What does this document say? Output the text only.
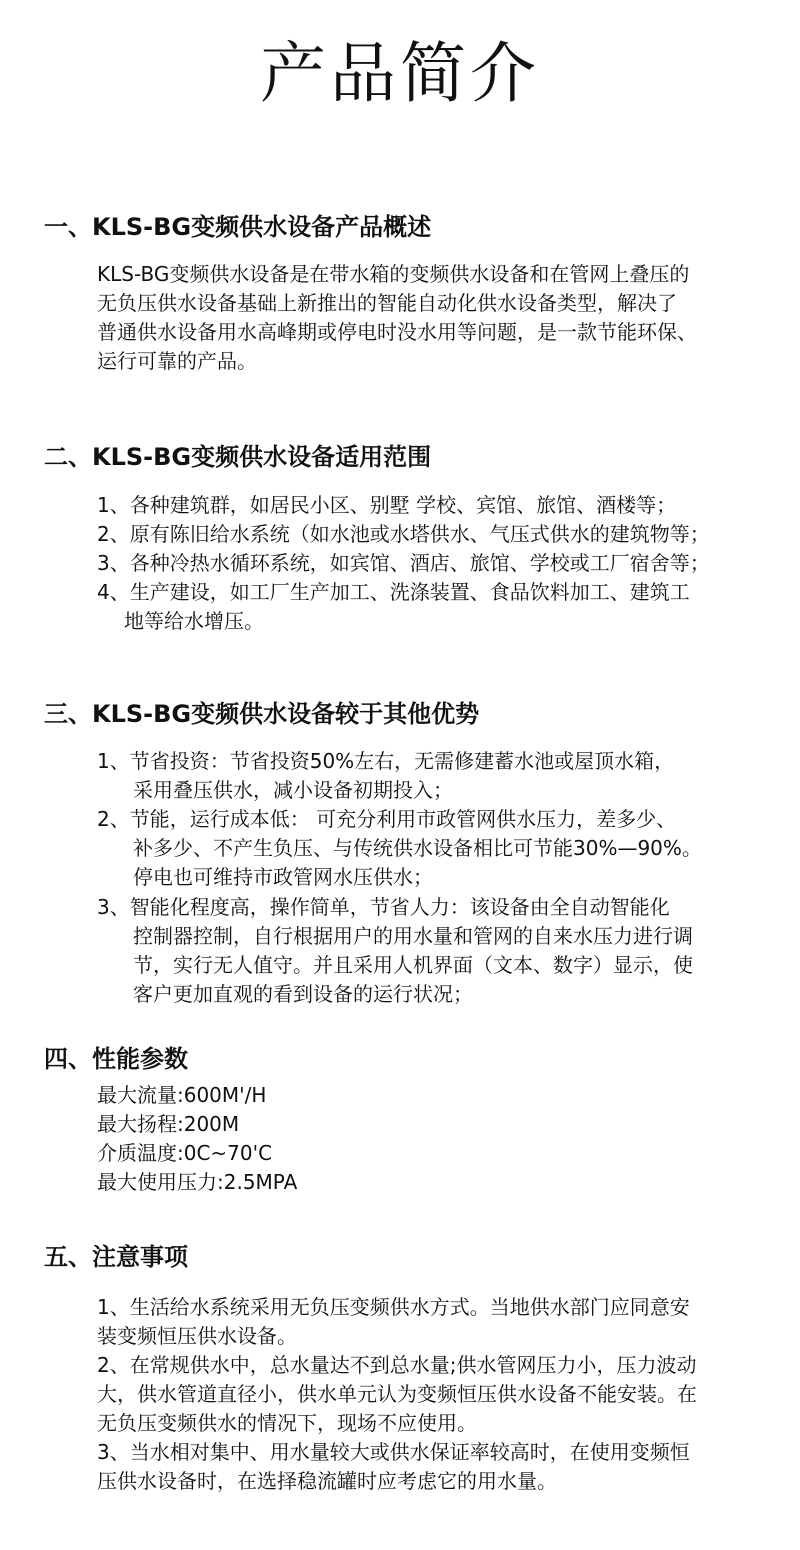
产品简介
一、KLS-BG变频供水设备产品概述

KLS-BG变频供水设备是在带水箱的变频供水设备和在管网上叠压的

无负压供水设备基础上新推出的智能自动化供水设备类型，解决了

普通供水设备用水高峰期或停电时没水用等问题，是一款节能环保、

运行可靠的产品。

二、KLS-BG变频供水设备适用范围

1、各种建筑群，如居民小区、别墅 学校、宾馆、旅馆、酒楼等；

2、原有陈旧给水系统（如水池或水塔供水、气压式供水的建筑物等；

3、各种冷热水循环系统，如宾馆、酒店、旅馆、学校或工厂宿舍等；

4、生产建设，如工厂生产加工、洗涤装置、食品饮料加工、建筑工

地等给水增压。

三、KLS-BG变频供水设备较于其他优势

1、节省投资：节省投资50%左右，无需修建蓄水池或屋顶水箱，

采用叠压供水，减小设备初期投入；

2、节能，运行成本低： 可充分利用市政管网供水压力，差多少、

补多少、不产生负压、与传统供水设备相比可节能30%—90%。

停电也可维持市政管网水压供水；

3、智能化程度高，操作简单，节省人力：该设备由全自动智能化

控制器控制，自行根据用户的用水量和管网的自来水压力进行调

节，实行无人值守。并且采用人机界面（文本、数字）显示，使

客户更加直观的看到设备的运行状况；

四、性能参数

最大流量:600M'/H

最大扬程:200M

介质温度:0C~70'C

最大使用压力:2.5MPA

五、注意事项

1、生活给水系统采用无负压变频供水方式。当地供水部门应同意安

装变频恒压供水设备。

2、在常规供水中，总水量达不到总水量;供水管网压力小，压力波动

大，供水管道直径小，供水单元认为变频恒压供水设备不能安装。在

无负压变频供水的情况下，现场不应使用。

3、当水相对集中、用水量较大或供水保证率较高时，在使用变频恒

压供水设备时，在选择稳流罐时应考虑它的用水量。
